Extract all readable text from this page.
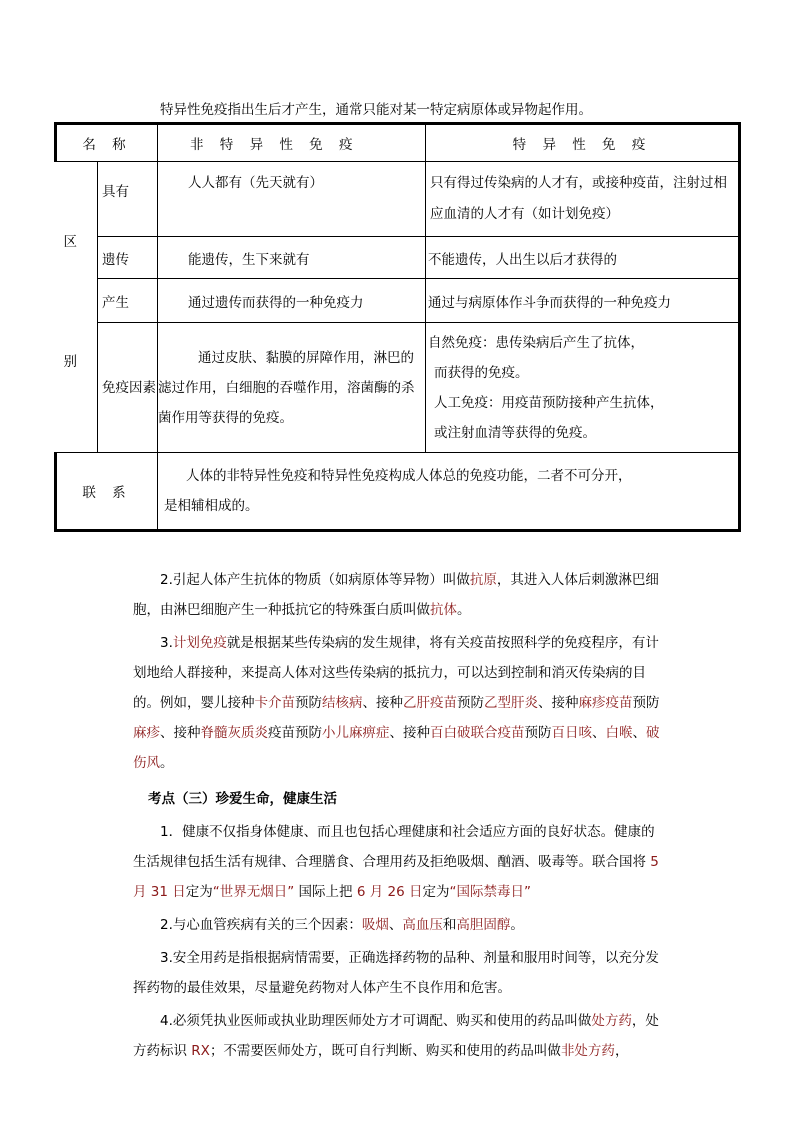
特异性免疫指出生后才产生，通常只能对某一特定病原体或异物起作用。
名 称		非 特 异 性 免 疫	特 异 性 免 疫

区
别	具有	人人都有（先天就有）	只有得过传染病的人才有，或接种疫苗，注射过相应血清的人才有（如计划免疫）
	遗传	能遗传，生下来就有	不能遗传，人出生以后才获得的
	产生	通过遗传而获得的一种免疫力	通过与病原体作斗争而获得的一种免疫力
	免疫因素	通过皮肤、黏膜的屏障作用，淋巴的滤过作用，白细胞的吞噬作用，溶菌酶的杀菌作用等获得的免疫。	自然免疫：患传染病后产生了抗体，
而获得的免疫。
人工免疫：用疫苗预防接种产生抗体，
或注射血清等获得的免疫。

联 系		人体的非特异性免疫和特异性免疫构成人体总的免疫功能，二者不可分开，
是相辅相成的。	

2.引起人体产生抗体的物质（如病原体等异物）叫做抗原，其进入人体后刺激淋巴细胞，由淋巴细胞产生一种抵抗它的特殊蛋白质叫做抗体。

3.计划免疫就是根据某些传染病的发生规律，将有关疫苗按照科学的免疫程序，有计划地给人群接种，来提高人体对这些传染病的抵抗力，可以达到控制和消灭传染病的目的。例如，婴儿接种卡介苗预防结核病、接种乙肝疫苗预防乙型肝炎、接种麻疹疫苗预防麻疹、接种脊髓灰质炎疫苗预防小儿麻痹症、接种百白破联合疫苗预防百日咳、白喉、破伤风。

考点（三）珍爱生命，健康生活

1．健康不仅指身体健康、而且也包括心理健康和社会适应方面的良好状态。健康的生活规律包括生活有规律、合理膳食、合理用药及拒绝吸烟、酗酒、吸毒等。联合国将 5 月 31 日定为“世界无烟日” 国际上把 6 月 26 日定为“国际禁毒日”

2.与心血管疾病有关的三个因素：吸烟、高血压和高胆固醇。

3.安全用药是指根据病情需要，正确选择药物的品种、剂量和服用时间等，以充分发挥药物的最佳效果，尽量避免药物对人体产生不良作用和危害。

4.必须凭执业医师或执业助理医师处方才可调配、购买和使用的药品叫做处方药，处方药标识 RX；不需要医师处方，既可自行判断、购买和使用的药品叫做非处方药，
